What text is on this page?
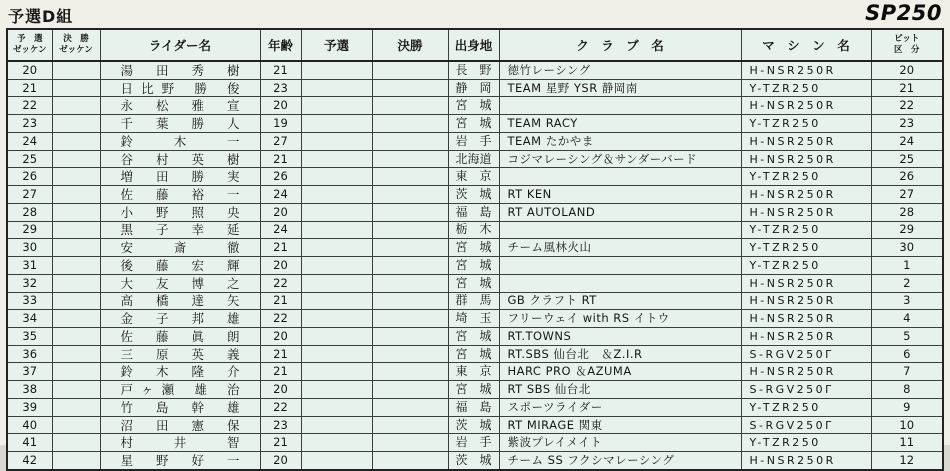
予選D組	SP250
予　選
ゼッケン	決　勝
ゼッケン	ライダー名	年齢	予選	決勝	出身地	ク　ラ　ブ　名	マ　シ　ン　名	ピット
区　分

20		湯 田 秀 樹	21			長 野	徳竹レーシング	H-NSR250R	20
21		日比野 勝 俊	23			静 岡	TEAM 星野 YSR 静岡南	Y-TZR250	21
22		永 松 雅 宣	20			宮 城		H-NSR250R	22
23		千 葉 勝 人	19			宮 城	TEAM RACY	Y-TZR250	23
24		鈴 木 一	27			岩 手	TEAM たかやま	H-NSR250R	24
25		谷 村 英 樹	21			北海道	コジマレーシング＆サンダーバード	H-NSR250R	25
26		増 田 勝 実	26			東 京		Y-TZR250	26
27		佐 藤 裕 一	24			茨 城	RT KEN	H-NSR250R	27
28		小 野 照 央	20			福 島	RT AUTOLAND	H-NSR250R	28
29		黒 子 幸 延	24			栃 木		Y-TZR250	29
30		安 斎 徹	21			宮 城	チーム風林火山	Y-TZR250	30
31		後 藤 宏 輝	20			宮 城		Y-TZR250	1
32		大 友 博 之	22			宮 城		H-NSR250R	2
33		高 橋 達 矢	21			群 馬	GB クラフト RT	H-NSR250R	3
34		金 子 邦 雄	22			埼 玉	フリーウェイ with RS イトウ	H-NSR250R	4
35		佐 藤 眞 朗	20			宮 城	RT.TOWNS	H-NSR250R	5
36		三 原 英 義	21			宮 城	RT.SBS 仙台北　＆Z.I.R	S-RGV250Γ	6
37		鈴 木 隆 介	21			東 京	HARC PRO ＆AZUMA	H-NSR250R	7
38		戸ヶ瀬 雄 治	20			宮 城	RT SBS 仙台北	S-RGV250Γ	8
39		竹 島 幹 雄	22			福 島	スポーツライダー	Y-TZR250	9
40		沼 田 憲 保	23			茨 城	RT MIRAGE 関東	S-RGV250Γ	10
41		村 井 智	21			岩 手	紫波プレイメイト	Y-TZR250	11
42		星 野 好 一	20			茨 城	チーム SS フクシマレーシング	H-NSR250R	12
